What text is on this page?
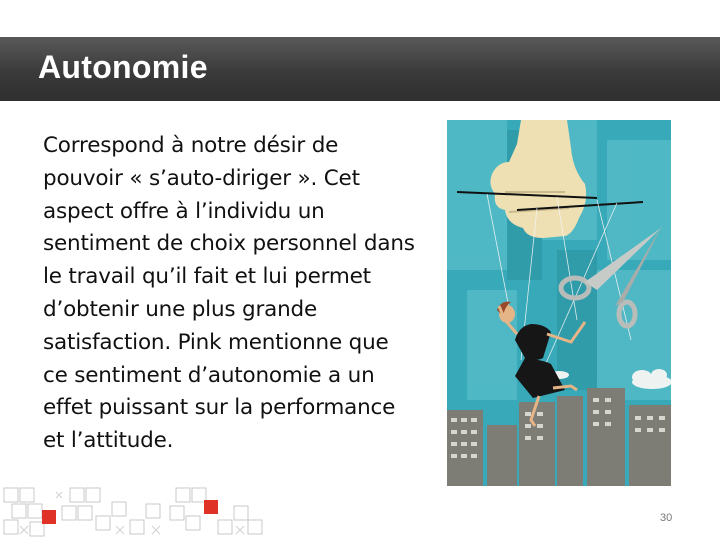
Autonomie
Correspond à notre désir de pouvoir « s’auto-diriger ». Cet aspect offre à l’individu un sentiment de choix personnel dans le travail qu’il fait et lui permet d’obtenir une plus grande satisfaction. Pink mentionne que ce sentiment d’autonomie a un effet puissant sur la performance et l’attitude.
30
